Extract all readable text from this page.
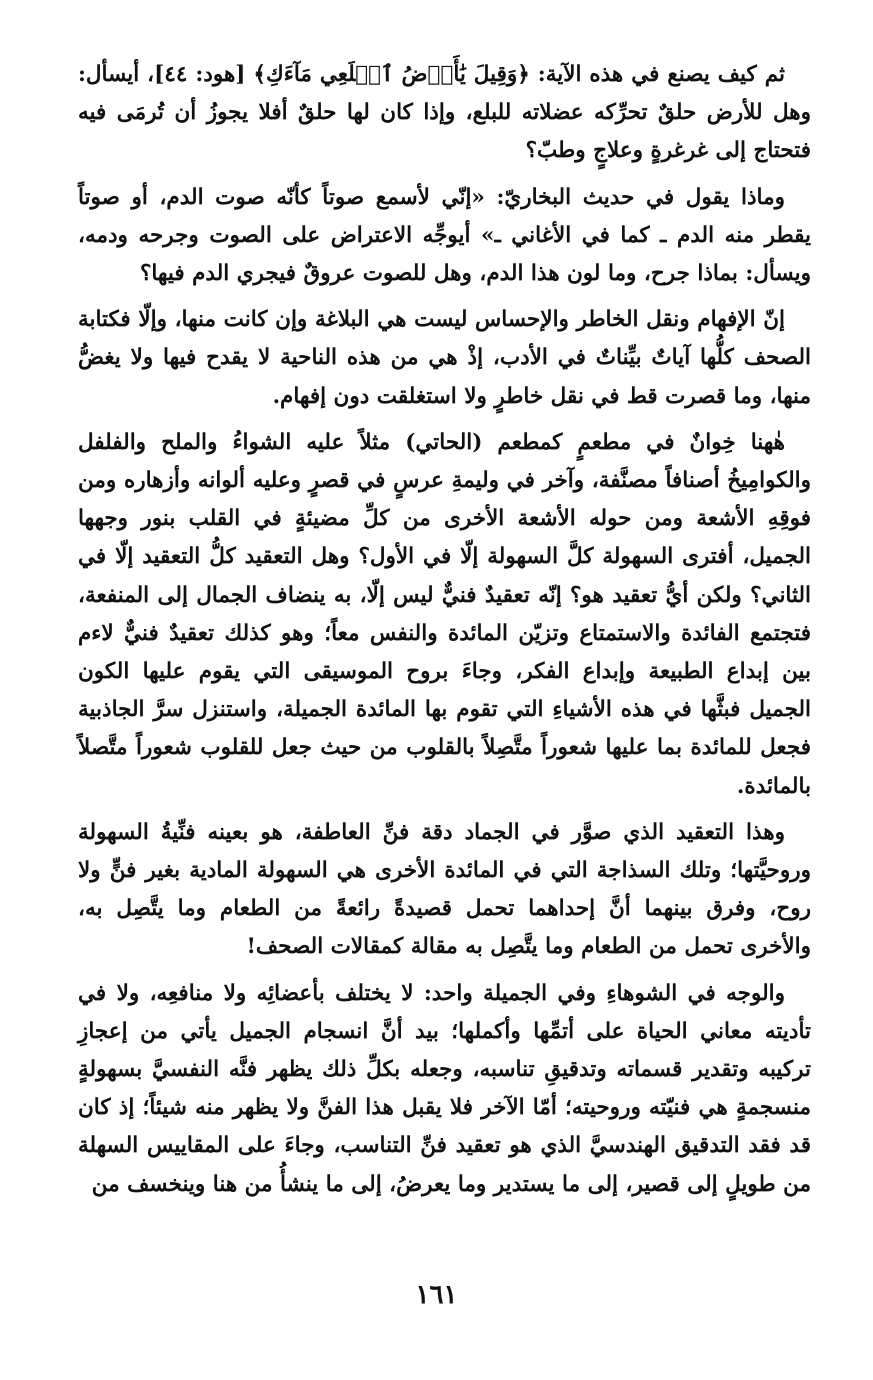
ثم كيف يصنع في هذه الآية: ﴿وَقِيلَ يَٰأَرۡضُ ٱبۡلَعِي مَآءَكِ﴾ [هود: ٤٤]، أيسأل: وهل للأرض حلقٌ تحرِّكه عضلاته للبلع، وإذا كان لها حلقٌ أفلا يجوزُ أن تُرمَى فيه فتحتاج إلى غرغرةٍ وعلاجٍ وطبّ؟

وماذا يقول في حديث البخاريّ: «إنّي لأسمع صوتاً كأنّه صوت الدم، أو صوتاً يقطر منه الدم ـ كما في الأغاني ـ» أيوجِّه الاعتراض على الصوت وجرحه ودمه، ويسأل: بماذا جرح، وما لون هذا الدم، وهل للصوت عروقٌ فيجري الدم فيها؟

إنّ الإفهام ونقل الخاطر والإحساس ليست هي البلاغة وإن كانت منها، وإلّا فكتابة الصحف كلُّها آياتٌ بيِّناتٌ في الأدب، إذْ هي من هذه الناحية لا يقدح فيها ولا يغضُّ منها، وما قصرت قط في نقل خاطرٍ ولا استغلقت دون إفهام.

هٰهنا خِوانٌ في مطعمٍ كمطعم (الحاتي) مثلاً عليه الشواءُ والملح والفلفل والكوامِيخُ أصنافاً مصنَّفة، وآخر في وليمةِ عرسٍ في قصرٍ وعليه ألوانه وأزهاره ومن فوقِهِ الأشعة ومن حوله الأشعة الأخرى من كلِّ مضيئةٍ في القلب بنور وجهها الجميل، أفترى السهولة كلَّ السهولة إلّا في الأول؟ وهل التعقيد كلُّ التعقيد إلّا في الثاني؟ ولكن أيُّ تعقيد هو؟ إنّه تعقيدٌ فنيٌّ ليس إلّا، به ينضاف الجمال إلى المنفعة، فتجتمع الفائدة والاستمتاع وتزيّن المائدة والنفس معاً؛ وهو كذلك تعقيدٌ فنيٌّ لاءم بين إبداع الطبيعة وإبداع الفكر، وجاءَ بروح الموسيقى التي يقوم عليها الكون الجميل فبثَّها في هذه الأشياءِ التي تقوم بها المائدة الجميلة، واستنزل سرَّ الجاذبية فجعل للمائدة بما عليها شعوراً متَّصِلاً بالقلوب من حيث جعل للقلوب شعوراً متَّصلاً بالمائدة.

وهذا التعقيد الذي صوَّر في الجماد دقة فنِّ العاطفة، هو بعينه فنِّيةُ السهولة وروحيَّتها؛ وتلك السذاجة التي في المائدة الأخرى هي السهولة المادية بغير فنٍّ ولا روح، وفرق بينهما أنَّ إحداهما تحمل قصيدةً رائعةً من الطعام وما يتَّصِل به، والأخرى تحمل من الطعام وما يتَّصِل به مقالة كمقالات الصحف!

والوجه في الشوهاءِ وفي الجميلة واحد: لا يختلف بأعضائِه ولا منافعِه، ولا في تأديته معاني الحياة على أتمِّها وأكملها؛ بيد أنَّ انسجام الجميل يأتي من إعجازِ تركيبه وتقدير قسماته وتدقيقِ تناسبه، وجعله بكلِّ ذلك يظهر فنَّه النفسيَّ بسهولةٍ منسجمةٍ هي فنيّته وروحيته؛ أمّا الآخر فلا يقبل هذا الفنَّ ولا يظهر منه شيئاً؛ إذ كان قد فقد التدقيق الهندسيَّ الذي هو تعقيد فنِّ التناسب، وجاءَ على المقاييس السهلة من طويلٍ إلى قصير، إلى ما يستدير وما يعرضُ، إلى ما ينشأُ من هنا وينخسف من

١٦١
